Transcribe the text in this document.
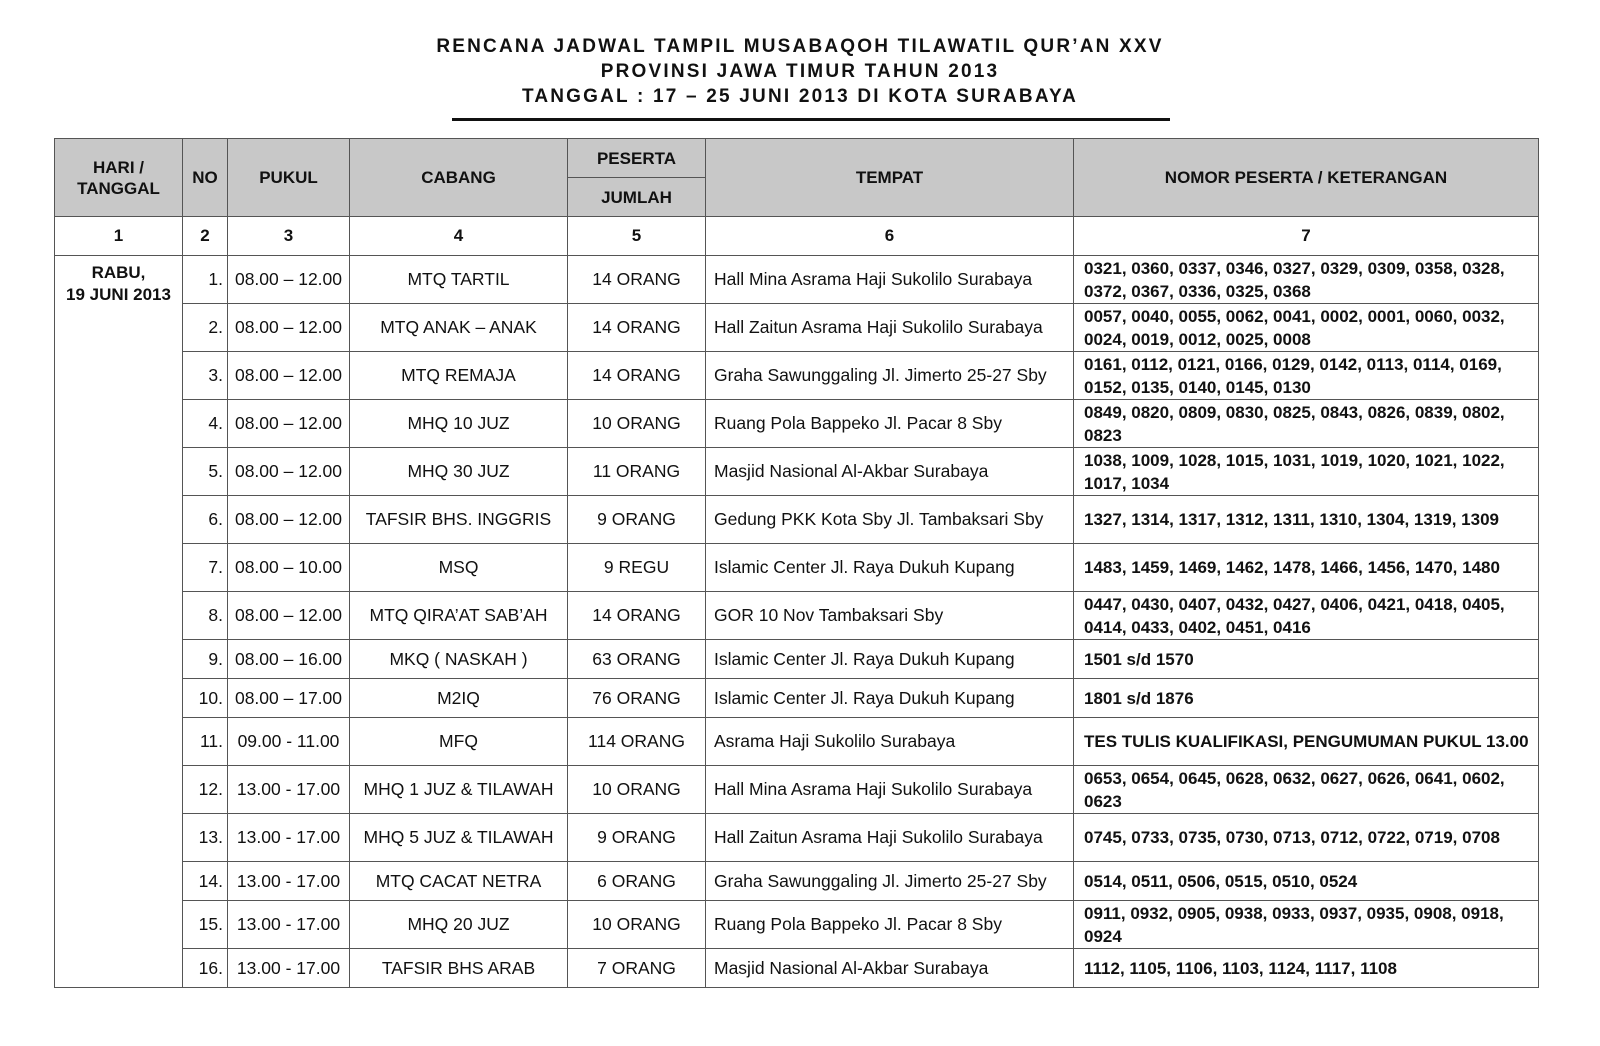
RENCANA JADWAL TAMPIL MUSABAQOH TILAWATIL QUR’AN XXV
PROVINSI JAWA TIMUR TAHUN 2013
TANGGAL : 17 – 25 JUNI 2013 DI KOTA SURABAYA
HARI / TANGGAL	NO	PUKUL	CABANG	PESERTA	TEMPAT	NOMOR PESERTA / KETERANGAN
				JUMLAH		
1	2	3	4	5	6	7

RABU,
19 JUNI 2013	1.	08.00 – 12.00	MTQ TARTIL	14 ORANG	Hall Mina Asrama Haji Sukolilo Surabaya	0321, 0360, 0337, 0346, 0327, 0329, 0309, 0358, 0328, 0372, 0367, 0336, 0325, 0368
	2.	08.00 – 12.00	MTQ ANAK – ANAK	14 ORANG	Hall Zaitun Asrama Haji Sukolilo Surabaya	0057, 0040, 0055, 0062, 0041, 0002, 0001, 0060, 0032, 0024, 0019, 0012, 0025, 0008
	3.	08.00 – 12.00	MTQ REMAJA	14 ORANG	Graha Sawunggaling Jl. Jimerto 25-27 Sby	0161, 0112, 0121, 0166, 0129, 0142, 0113, 0114, 0169, 0152, 0135, 0140, 0145, 0130
	4.	08.00 – 12.00	MHQ 10 JUZ	10 ORANG	Ruang Pola Bappeko Jl. Pacar 8 Sby	0849, 0820, 0809, 0830, 0825, 0843, 0826, 0839, 0802, 0823
	5.	08.00 – 12.00	MHQ 30 JUZ	11 ORANG	Masjid Nasional Al-Akbar Surabaya	1038, 1009, 1028, 1015, 1031, 1019, 1020, 1021, 1022, 1017, 1034
	6.	08.00 – 12.00	TAFSIR BHS. INGGRIS	9 ORANG	Gedung PKK Kota Sby Jl. Tambaksari Sby	1327, 1314, 1317, 1312, 1311, 1310, 1304, 1319, 1309
	7.	08.00 – 10.00	MSQ	9 REGU	Islamic Center Jl. Raya Dukuh Kupang	1483, 1459, 1469, 1462, 1478, 1466, 1456, 1470, 1480
	8.	08.00 – 12.00	MTQ QIRA’AT SAB’AH	14 ORANG	GOR 10 Nov Tambaksari Sby	0447, 0430, 0407, 0432, 0427, 0406, 0421, 0418, 0405, 0414, 0433, 0402, 0451, 0416
	9.	08.00 – 16.00	MKQ ( NASKAH )	63 ORANG	Islamic Center Jl. Raya Dukuh Kupang	1501 s/d 1570
	10.	08.00 – 17.00	M2IQ	76 ORANG	Islamic Center Jl. Raya Dukuh Kupang	1801 s/d 1876
	11.	09.00 - 11.00	MFQ	114 ORANG	Asrama Haji Sukolilo Surabaya	TES TULIS KUALIFIKASI, PENGUMUMAN PUKUL 13.00
	12.	13.00 - 17.00	MHQ 1 JUZ & TILAWAH	10 ORANG	Hall Mina Asrama Haji Sukolilo Surabaya	0653, 0654, 0645, 0628, 0632, 0627, 0626, 0641, 0602, 0623
	13.	13.00 - 17.00	MHQ 5 JUZ & TILAWAH	9 ORANG	Hall Zaitun Asrama Haji Sukolilo Surabaya	0745, 0733, 0735, 0730, 0713, 0712, 0722, 0719, 0708
	14.	13.00 - 17.00	MTQ CACAT NETRA	6 ORANG	Graha Sawunggaling Jl. Jimerto 25-27 Sby	0514, 0511, 0506, 0515, 0510, 0524
	15.	13.00 - 17.00	MHQ 20 JUZ	10 ORANG	Ruang Pola Bappeko Jl. Pacar 8 Sby	0911, 0932, 0905, 0938, 0933, 0937, 0935, 0908, 0918, 0924
	16.	13.00 - 17.00	TAFSIR BHS ARAB	7 ORANG	Masjid Nasional Al-Akbar Surabaya	1112, 1105, 1106, 1103, 1124, 1117, 1108
